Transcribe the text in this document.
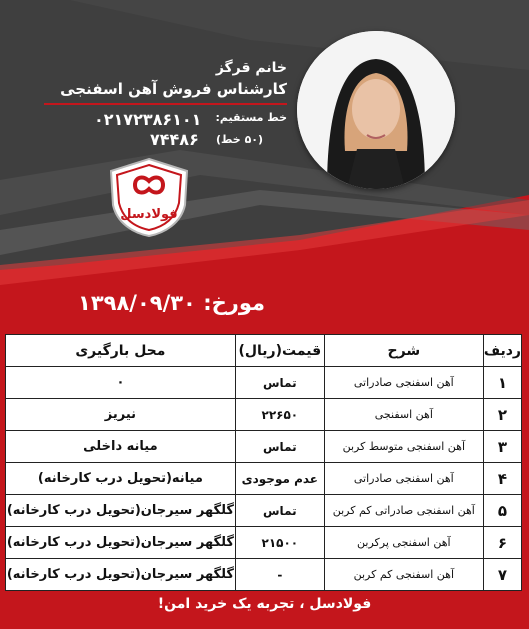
خانم قرگز
کارشناس فروش آهن اسفنجی
خط مستقیم:
۰۲۱۷۲۳۸۶۱۰۱
(۵۰ خط)
۷۴۴۸۶
فولادسل
مورخ: ۱۳۹۸/۰۹/۳۰
ردیف	شرح	قیمت(ریال)	محل بارگیری
۱	آهن اسفنجی صادراتی	تماس	۰
۲	آهن اسفنجی	۲۲۶۵۰	نیریز
۳	آهن اسفنجی متوسط کربن	تماس	میانه داخلی
۴	آهن اسفنجی صادراتی	عدم موجودی	میانه(تحویل درب کارخانه)
۵	آهن اسفنجی صادراتی کم کربن	تماس	گلگهر سیرجان(تحویل درب کارخانه)
۶	آهن اسفنجی پرکربن	۲۱۵۰۰	گلگهر سیرجان(تحویل درب کارخانه)
۷	آهن اسفنجی کم کربن	-	گلگهر سیرجان(تحویل درب کارخانه)
فولادسل ، تجربه یک خرید امن!
